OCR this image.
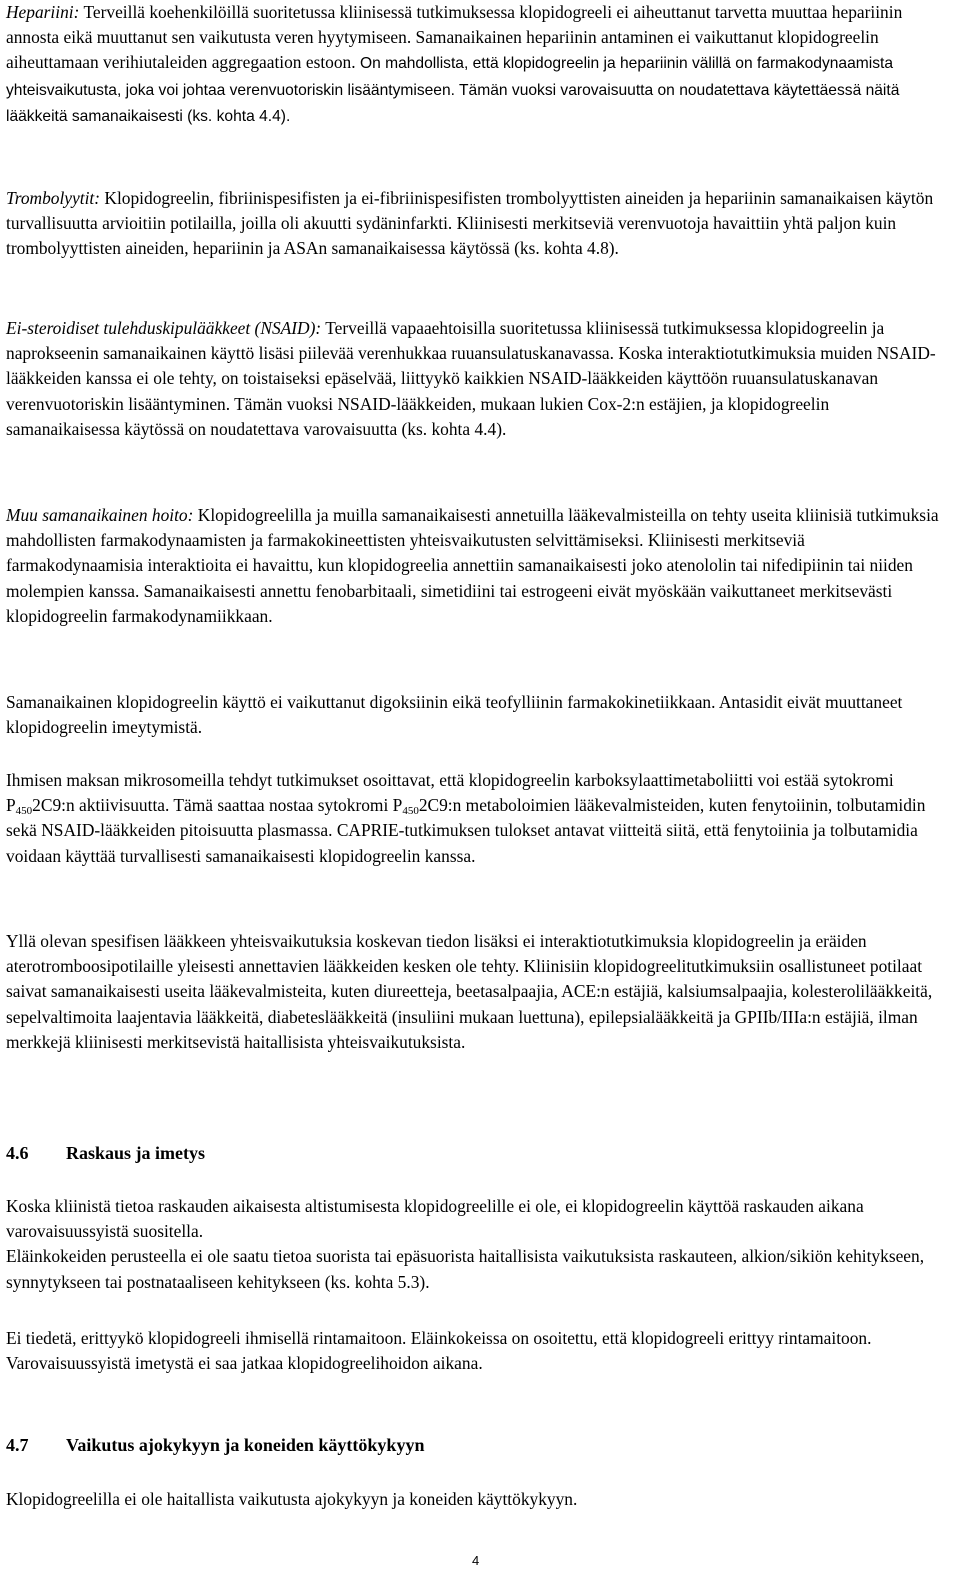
Hepariini: Terveillä koehenkilöillä suoritetussa kliinisessä tutkimuksessa klopidogreeli ei aiheuttanut tarvetta muuttaa hepariinin annosta eikä muuttanut sen vaikutusta veren hyytymiseen. Samanaikainen hepariinin antaminen ei vaikuttanut klopidogreelin aiheuttamaan verihiutaleiden aggregaation estoon. On mahdollista, että klopidogreelin ja hepariinin välillä on farmakodynaamista yhteisvaikutusta, joka voi johtaa verenvuotoriskin lisääntymiseen. Tämän vuoksi varovaisuutta on noudatettava käytettäessä näitä lääkkeitä samanaikaisesti (ks. kohta 4.4).

Trombolyytit: Klopidogreelin, fibriinispesifisten ja ei-fibriinispesifisten trombolyyttisten aineiden ja hepariinin samanaikaisen käytön turvallisuutta arvioitiin potilailla, joilla oli akuutti sydäninfarkti. Kliinisesti merkitseviä verenvuotoja havaittiin yhtä paljon kuin trombolyyttisten aineiden, hepariinin ja ASAn samanaikaisessa käytössä (ks. kohta 4.8).

Ei-steroidiset tulehduskipulääkkeet (NSAID): Terveillä vapaaehtoisilla suoritetussa kliinisessä tutkimuksessa klopidogreelin ja naprokseenin samanaikainen käyttö lisäsi piilevää verenhukkaa ruuansulatuskanavassa. Koska interaktiotutkimuksia muiden NSAID-lääkkeiden kanssa ei ole tehty, on toistaiseksi epäselvää, liittyykö kaikkien NSAID-lääkkeiden käyttöön ruuansulatuskanavan verenvuotoriskin lisääntyminen. Tämän vuoksi NSAID-lääkkeiden, mukaan lukien Cox-2:n estäjien, ja klopidogreelin samanaikaisessa käytössä on noudatettava varovaisuutta (ks. kohta 4.4).

Muu samanaikainen hoito: Klopidogreelilla ja muilla samanaikaisesti annetuilla lääkevalmisteilla on tehty useita kliinisiä tutkimuksia mahdollisten farmakodynaamisten ja farmakokineettisten yhteisvaikutusten selvittämiseksi. Kliinisesti merkitseviä farmakodynaamisia interaktioita ei havaittu, kun klopidogreelia annettiin samanaikaisesti joko atenololin tai nifedipiinin tai niiden molempien kanssa. Samanaikaisesti annettu fenobarbitaali, simetidiini tai estrogeeni eivät myöskään vaikuttaneet merkitsevästi klopidogreelin farmakodynamiikkaan.

Samanaikainen klopidogreelin käyttö ei vaikuttanut digoksiinin eikä teofylliinin farmakokinetiikkaan. Antasidit eivät muuttaneet klopidogreelin imeytymistä.

Ihmisen maksan mikrosomeilla tehdyt tutkimukset osoittavat, että klopidogreelin karboksylaattimetaboliitti voi estää sytokromi $P_{450}2C9:n$ aktiivisuutta. Tämä saattaa nostaa sytokromi $P_{450}2C9:n$ metaboloimien lääkevalmisteiden, kuten fenytoiinin, tolbutamidin sekä NSAID-lääkkeiden pitoisuutta plasmassa. CAPRIE-tutkimuksen tulokset antavat viitteitä siitä, että fenytoiinia ja tolbutamidia voidaan käyttää turvallisesti samanaikaisesti klopidogreelin kanssa.

Yllä olevan spesifisen lääkkeen yhteisvaikutuksia koskevan tiedon lisäksi ei interaktiotutkimuksia klopidogreelin ja eräiden aterotromboosipotilaille yleisesti annettavien lääkkeiden kesken ole tehty. Kliinisiin klopidogreelitutkimuksiin osallistuneet potilaat saivat samanaikaisesti useita lääkevalmisteita, kuten diureetteja, beetasalpaajia, ACE:n estäjiä, kalsiumsalpaajia, kolesterolilääkkeitä, sepelvaltimoita laajentavia lääkkeitä, diabeteslääkkeitä (insuliini mukaan luettuna), epilepsialääkkeitä ja GPIIb/IIIa:n estäjiä, ilman merkkejä kliinisesti merkitsevistä haitallisista yhteisvaikutuksista.

4.6 Raskaus ja imetys

Koska kliinistä tietoa raskauden aikaisesta altistumisesta klopidogreelille ei ole, ei klopidogreelin käyttöä raskauden aikana varovaisuussyistä suositella.

Eläinkokeiden perusteella ei ole saatu tietoa suorista tai epäsuorista haitallisista vaikutuksista raskauteen, alkion/sikiön kehitykseen, synnytykseen tai postnataaliseen kehitykseen (ks. kohta 5.3).

Ei tiedetä, erittyykö klopidogreeli ihmisellä rintamaitoon. Eläinkokeissa on osoitettu, että klopidogreeli erittyy rintamaitoon. Varovaisuussyistä imetystä ei saa jatkaa klopidogreelihoidon aikana.

4.7 Vaikutus ajokykyyn ja koneiden käyttökykyyn

Klopidogreelilla ei ole haitallista vaikutusta ajokykyyn ja koneiden käyttökykyyn.

4
